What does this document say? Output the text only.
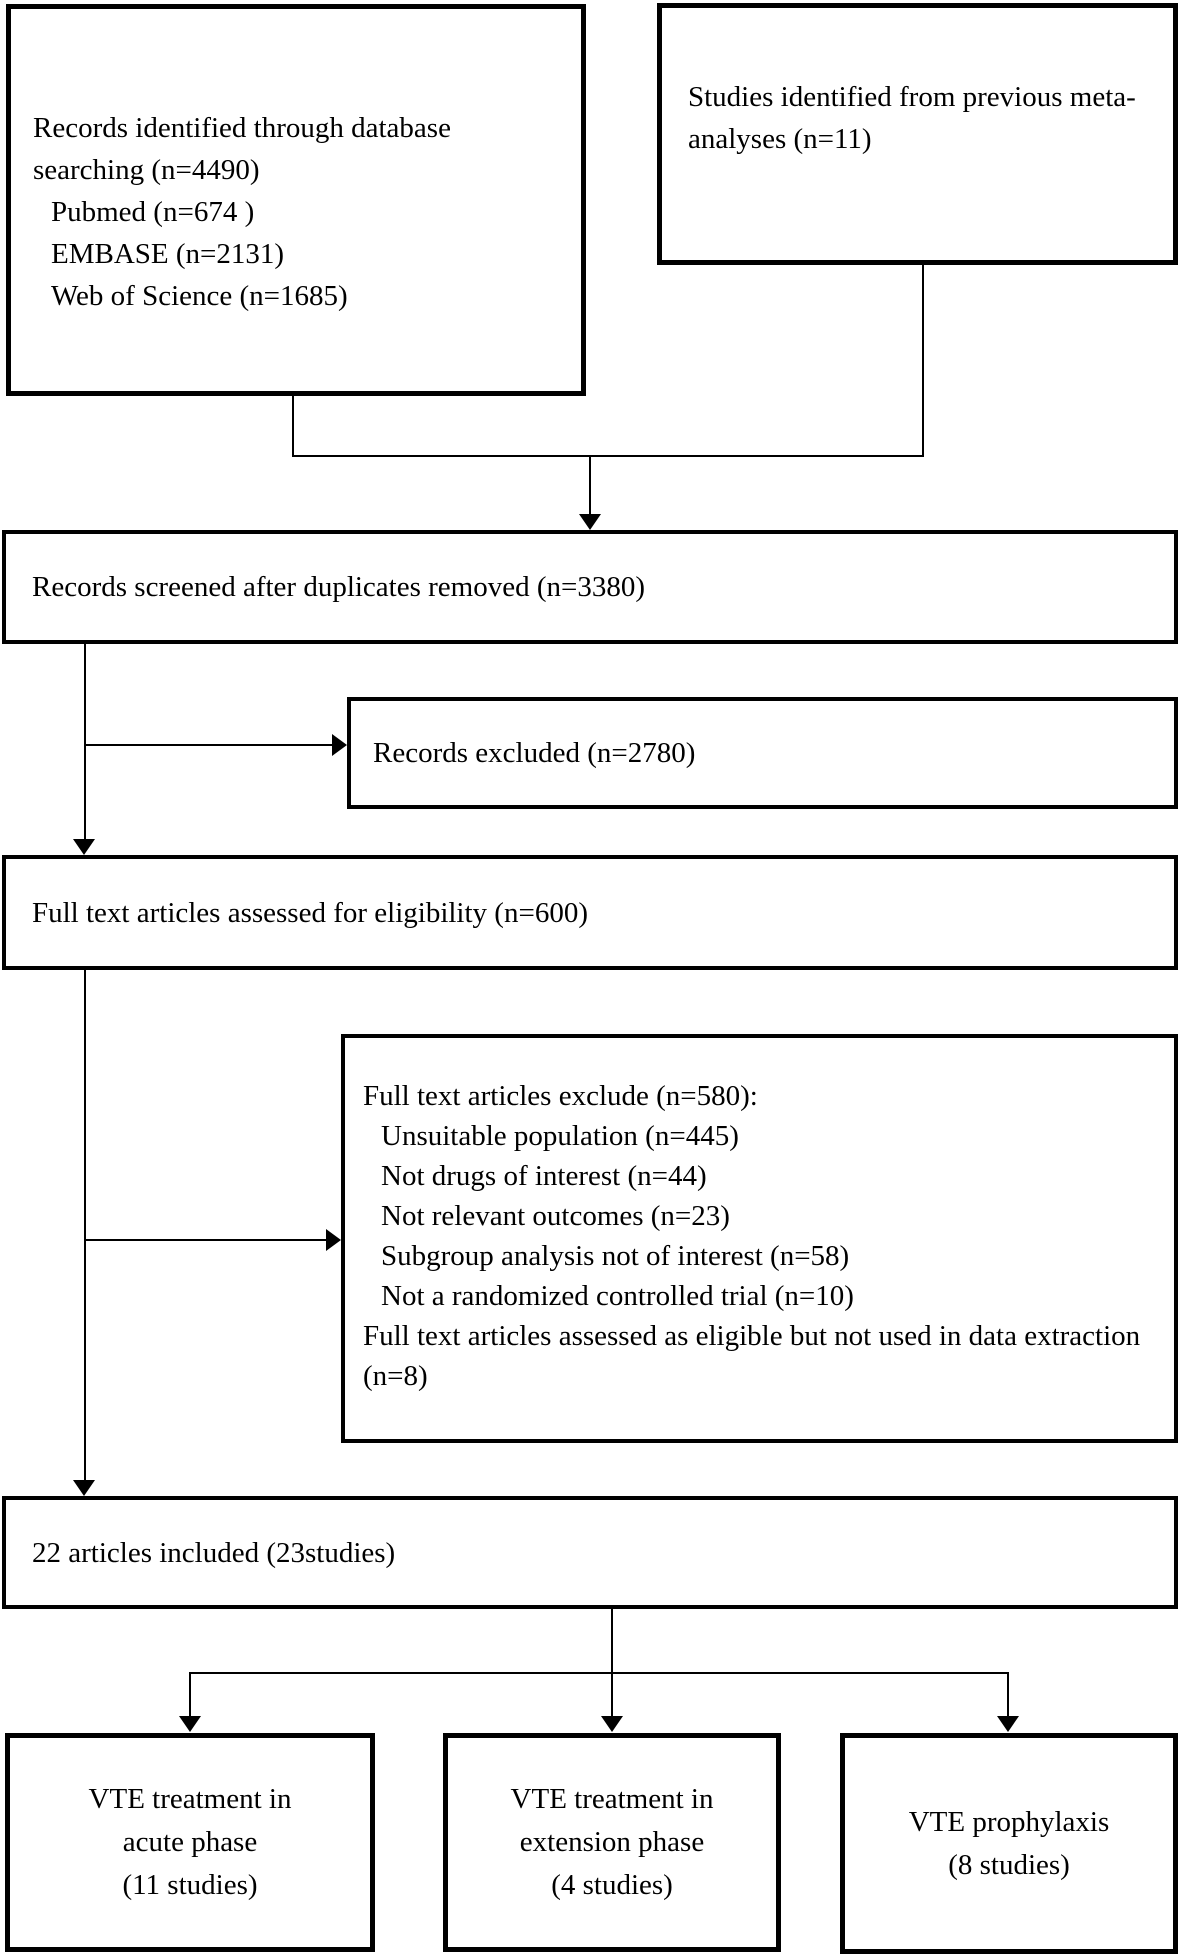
Records identified through database searching (n=4490)
Pubmed (n=674 )
EMBASE (n=2131)
Web of Science (n=1685)
Studies identified from previous meta-analyses (n=11)
Records screened after duplicates removed (n=3380)
Records excluded (n=2780)
Full text articles assessed for eligibility (n=600)
Full text articles exclude (n=580):
Unsuitable population (n=445)
Not drugs of interest (n=44)
Not relevant outcomes (n=23)
Subgroup analysis not of interest (n=58)
Not a randomized controlled trial (n=10)
Full text articles assessed as eligible but not used in data extraction (n=8)
22 articles included (23studies)
VTE treatment in
acute phase
(11 studies)
VTE treatment in
extension phase
(4 studies)
VTE prophylaxis
(8 studies)
